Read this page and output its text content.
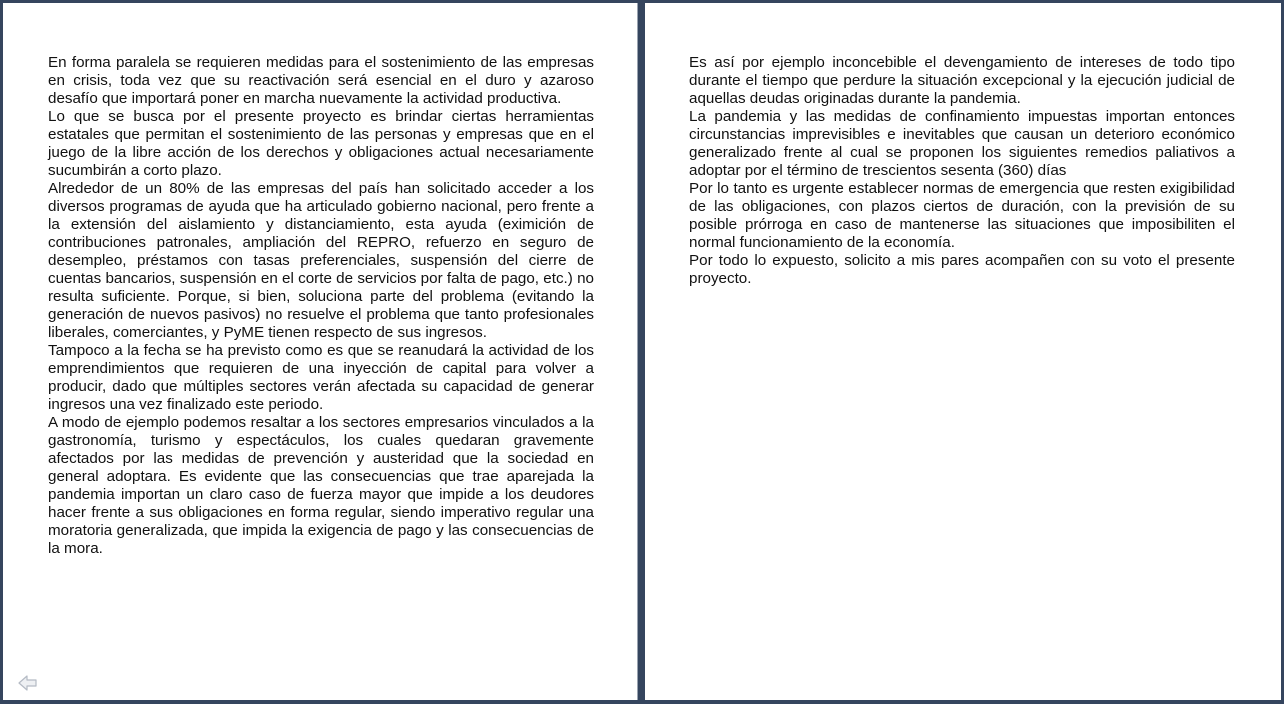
En forma paralela se requieren medidas para el sostenimiento de las empresas en crisis, toda vez que su reactivación será esencial en el duro y azaroso desafío que importará poner en marcha nuevamente la actividad productiva.

Lo que se busca por el presente proyecto es brindar ciertas herramientas estatales que permitan el sostenimiento de las personas y empresas que en el juego de la libre acción de los derechos y obligaciones actual necesariamente sucumbirán a corto plazo.

Alrededor de un 80% de las empresas del país han solicitado acceder a los diversos programas de ayuda que ha articulado gobierno nacional, pero frente a la extensión del aislamiento y distanciamiento, esta ayuda (eximición de contribuciones patronales, ampliación del REPRO, refuerzo en seguro de desempleo, préstamos con tasas preferenciales, suspensión del cierre de cuentas bancarios, suspensión en el corte de servicios por falta de pago, etc.) no resulta suficiente. Porque, si bien, soluciona parte del problema (evitando la generación de nuevos pasivos) no resuelve el problema que tanto profesionales liberales, comerciantes, y PyME tienen respecto de sus ingresos.

Tampoco a la fecha se ha previsto como es que se reanudará la actividad de los emprendimientos que requieren de una inyección de capital para volver a producir, dado que múltiples sectores verán afectada su capacidad de generar ingresos una vez finalizado este periodo.

A modo de ejemplo podemos resaltar a los sectores empresarios vinculados a la gastronomía, turismo y espectáculos, los cuales quedaran gravemente afectados por las medidas de prevención y austeridad que la sociedad en general adoptara. Es evidente que las consecuencias que trae aparejada la pandemia importan un claro caso de fuerza mayor que impide a los deudores hacer frente a sus obligaciones en forma regular, siendo imperativo regular una moratoria generalizada, que impida la exigencia de pago y las consecuencias de la mora.

Es así por ejemplo inconcebible el devengamiento de intereses de todo tipo durante el tiempo que perdure la situación excepcional y la ejecución judicial de aquellas deudas originadas durante la pandemia.

La pandemia y las medidas de confinamiento impuestas importan entonces circunstancias imprevisibles e inevitables que causan un deterioro económico generalizado frente al cual se proponen los siguientes remedios paliativos a adoptar por el término de trescientos sesenta (360) días

Por lo tanto es urgente establecer normas de emergencia que resten exigibilidad de las obligaciones, con plazos ciertos de duración, con la previsión de su posible prórroga en caso de mantenerse las situaciones que imposibiliten el normal funcionamiento de la economía.

Por todo lo expuesto, solicito a mis pares acompañen con su voto el presente proyecto.
